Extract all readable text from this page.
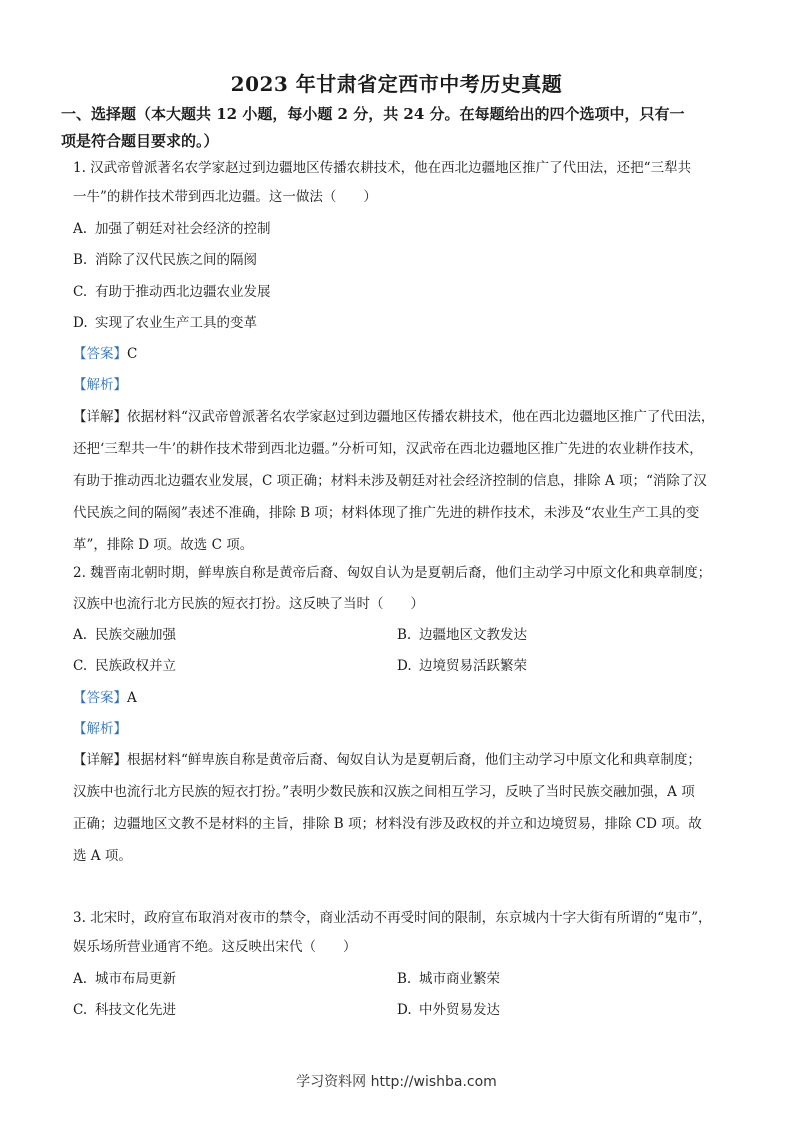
2023 年甘肃省定西市中考历史真题
一、选择题（本大题共 12 小题，每小题 2 分，共 24 分。在每题给出的四个选项中，只有一
项是符合题目要求的。）
1. 汉武帝曾派著名农学家赵过到边疆地区传播农耕技术，他在西北边疆地区推广了代田法，还把“三犁共
一牛”的耕作技术带到西北边疆。这一做法（　　）
A. 加强了朝廷对社会经济的控制
B. 消除了汉代民族之间的隔阂
C. 有助于推动西北边疆农业发展
D. 实现了农业生产工具的变革
【答案】C
【解析】
【详解】依据材料“汉武帝曾派著名农学家赵过到边疆地区传播农耕技术，他在西北边疆地区推广了代田法，
还把‘三犁共一牛’的耕作技术带到西北边疆。”分析可知，汉武帝在西北边疆地区推广先进的农业耕作技术，
有助于推动西北边疆农业发展，C 项正确；材料未涉及朝廷对社会经济控制的信息，排除 A 项；“消除了汉
代民族之间的隔阂”表述不准确，排除 B 项；材料体现了推广先进的耕作技术，未涉及“农业生产工具的变
革”，排除 D 项。故选 C 项。
2. 魏晋南北朝时期，鲜卑族自称是黄帝后裔、匈奴自认为是夏朝后裔，他们主动学习中原文化和典章制度；
汉族中也流行北方民族的短衣打扮。这反映了当时（　　）
A. 民族交融加强	B. 边疆地区文教发达
C. 民族政权并立	D. 边境贸易活跃繁荣
【答案】A
【解析】
【详解】根据材料“鲜卑族自称是黄帝后裔、匈奴自认为是夏朝后裔，他们主动学习中原文化和典章制度；
汉族中也流行北方民族的短衣打扮。”表明少数民族和汉族之间相互学习，反映了当时民族交融加强，A 项
正确；边疆地区文教不是材料的主旨，排除 B 项；材料没有涉及政权的并立和边境贸易，排除 CD 项。故
选 A 项。
3. 北宋时，政府宣布取消对夜市的禁令，商业活动不再受时间的限制，东京城内十字大街有所谓的“鬼市”，
娱乐场所营业通宵不绝。这反映出宋代（　　）
A. 城市布局更新	B. 城市商业繁荣
C. 科技文化先进	D. 中外贸易发达
学习资料网 http://wishba.com
